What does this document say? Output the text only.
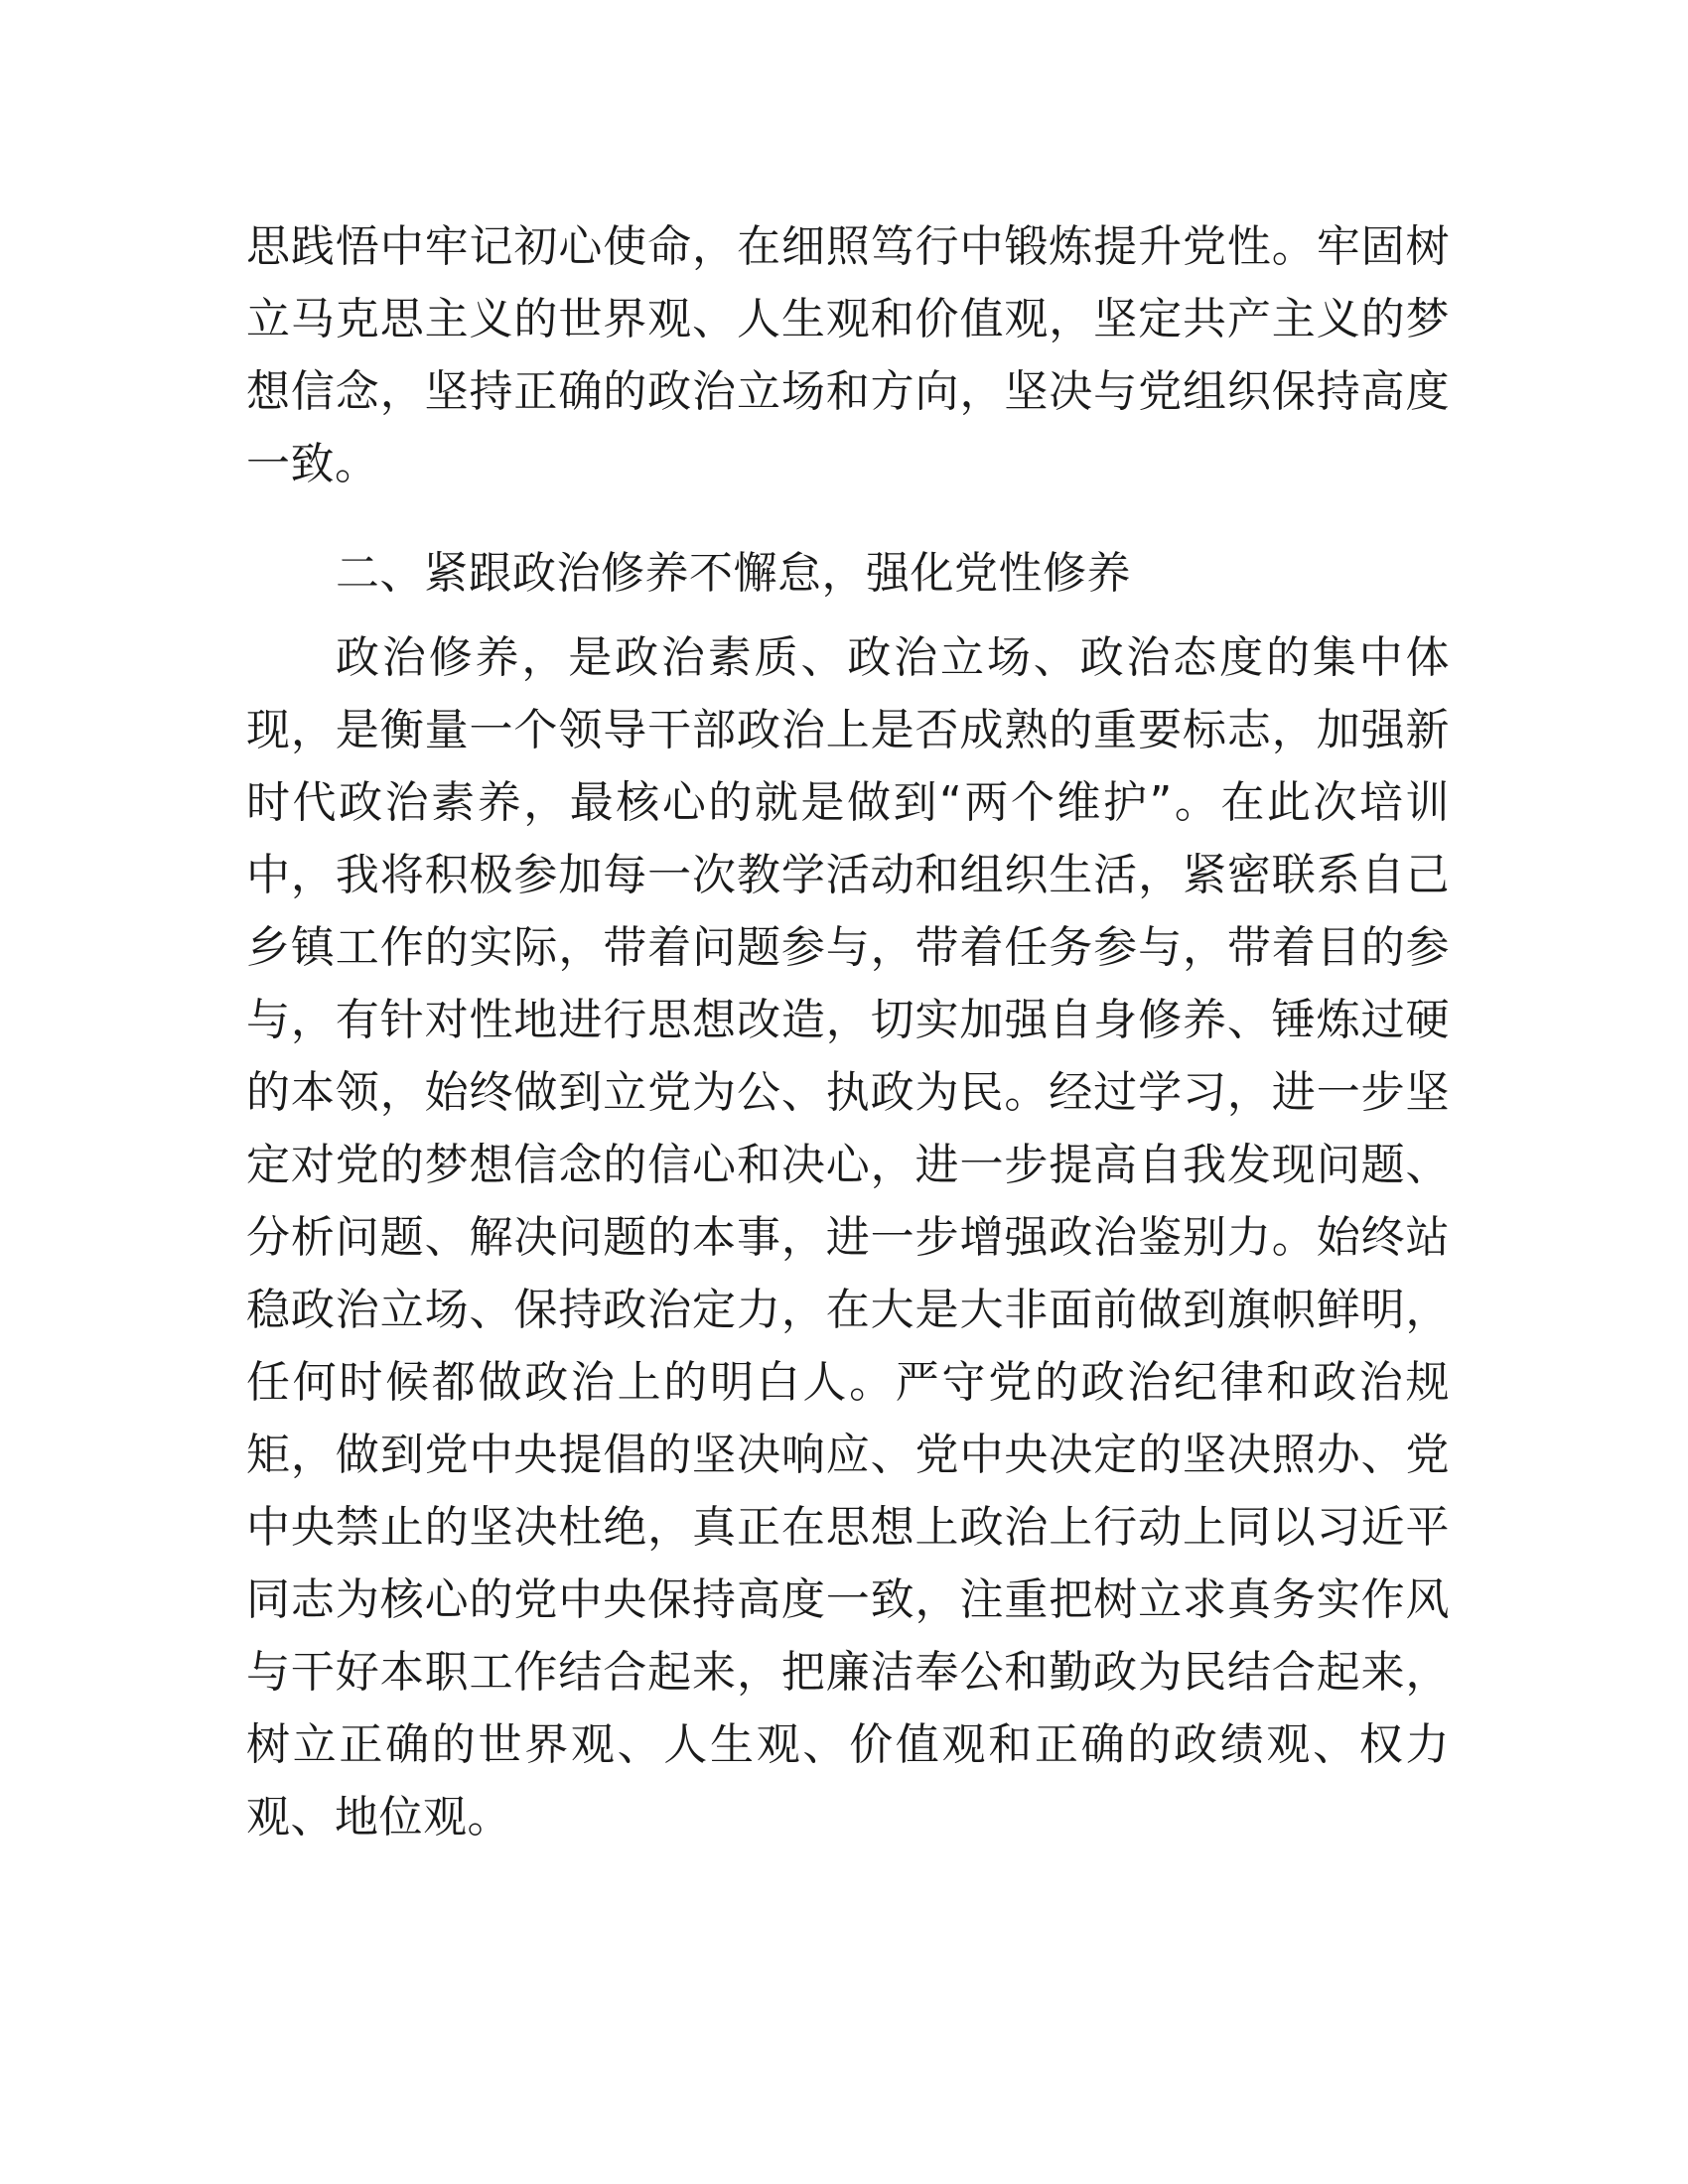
思践悟中牢记初心使命，在细照笃行中锻炼提升党性。牢固树
立马克思主义的世界观、人生观和价值观，坚定共产主义的梦
想信念，坚持正确的政治立场和方向，坚决与党组织保持高度
一致。
二、紧跟政治修养不懈怠，强化党性修养
政治修养，是政治素质、政治立场、政治态度的集中体
现，是衡量一个领导干部政治上是否成熟的重要标志，加强新
时代政治素养，最核心的就是做到“两个维护”。在此次培训
中，我将积极参加每一次教学活动和组织生活，紧密联系自己
乡镇工作的实际，带着问题参与，带着任务参与，带着目的参
与，有针对性地进行思想改造，切实加强自身修养、锤炼过硬
的本领，始终做到立党为公、执政为民。经过学习，进一步坚
定对党的梦想信念的信心和决心，进一步提高自我发现问题、
分析问题、解决问题的本事，进一步增强政治鉴别力。始终站
稳政治立场、保持政治定力，在大是大非面前做到旗帜鲜明，
任何时候都做政治上的明白人。严守党的政治纪律和政治规
矩，做到党中央提倡的坚决响应、党中央决定的坚决照办、党
中央禁止的坚决杜绝，真正在思想上政治上行动上同以习近平
同志为核心的党中央保持高度一致，注重把树立求真务实作风
与干好本职工作结合起来，把廉洁奉公和勤政为民结合起来，
树立正确的世界观、人生观、价值观和正确的政绩观、权力
观、地位观。
